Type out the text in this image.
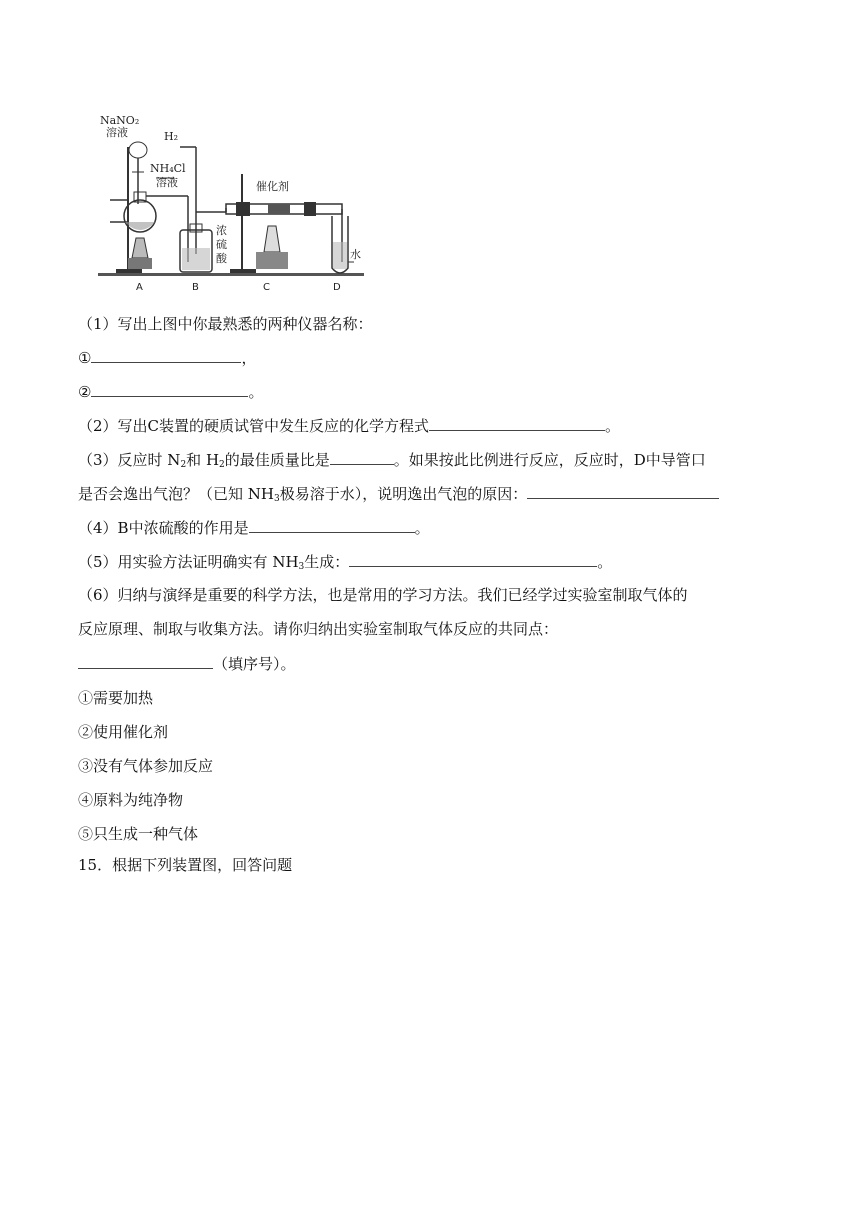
NaNO₂
溶液	H₂
NH₄Cl
溶液
浓
硫
酸
催化剂
水
A	B	C	D
（1）写出上图中你最熟悉的两种仪器名称：
①	，
②	。
（2）写出C装置的硬质试管中发生反应的化学方程式	。
（3）反应时 $N_2$和 $H_2$的最佳质量比是	。如果按此比例进行反应，反应时，D中导管口
是否会逸出气泡？（已知 $NH_3$极易溶于水），说明逸出气泡的原因：
（4）B中浓硫酸的作用是	。
（5）用实验方法证明确实有 $NH_3$生成：	。
（6）归纳与演绎是重要的科学方法，也是常用的学习方法。我们已经学过实验室制取气体的
反应原理、制取与收集方法。请你归纳出实验室制取气体反应的共同点：
（填序号）。
①需要加热
②使用催化剂
③没有气体参加反应
④原料为纯净物
⑤只生成一种气体
15．根据下列装置图，回答问题
